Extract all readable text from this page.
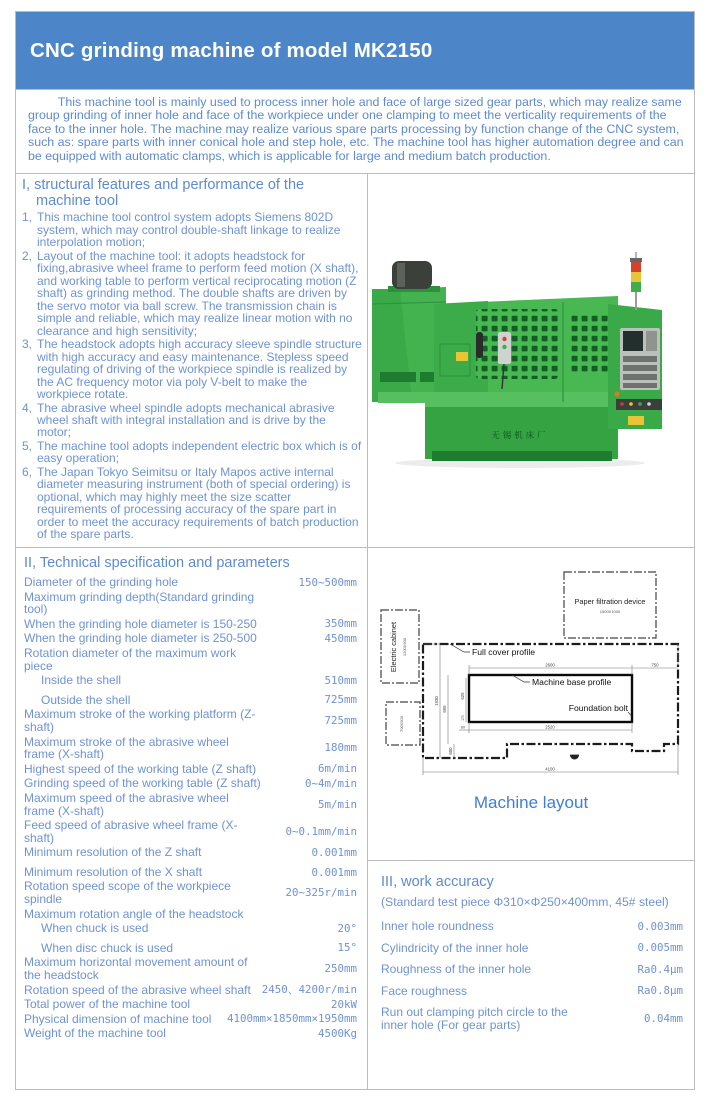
CNC grinding machine of model MK2150

This machine tool is mainly used to process inner hole and face of large sized gear parts, which may realize same group grinding of inner hole and face of the workpiece under one clamping to meet the verticality requirements of the face to the inner hole. The machine may realize various spare parts processing by function change of the CNC system, such as: spare parts with inner conical hole and step hole, etc. The machine tool has higher automation degree and can be equipped with automatic clamps, which is applicable for large and medium batch production.

I, structural features and performance of the machine tool
1, This machine tool control system adopts Siemens 802D system, which may control double-shaft linkage to realize interpolation motion;
2, Layout of the machine tool: it adopts headstock for fixing,abrasive wheel frame to perform feed motion (X shaft), and working table to perform vertical reciprocating motion (Z shaft) as grinding method. The double shafts are driven by the servo motor via ball screw. The transmission chain is simple and reliable, which may realize linear motion with no clearance and high sensitivity;
3, The headstock adopts high accuracy sleeve spindle structure with high accuracy and easy maintenance. Stepless speed regulating of driving of the workpiece spindle is realized by the AC frequency motor via poly V-belt to make the workpiece rotate.
4, The abrasive wheel spindle adopts mechanical abrasive wheel shaft with integral installation and is drive by the motor;
5, The machine tool adopts independent electric box which is of easy operation;
6, The Japan Tokyo Seimitsu or Italy Mapos active internal diameter measuring instrument (both of special ordering) is optional, which may highly meet the size scatter requirements of processing accuracy of the spare part in order to meet the accuracy requirements of batch production of the spare parts.
无锡机床厂
II, Technical specification and parameters
Diameter of the grinding hole	150~500mm
Maximum grinding depth(Standard grinding tool)
When the grinding hole diameter is 150-250	350mm
When the grinding hole diameter is 250-500	450mm
Rotation diameter of the maximum work piece
Inside the shell	510mm
Outside the shell	725mm
Maximum stroke of the working platform (Z-shaft)	725mm
Maximum stroke of the abrasive wheel frame (X-shaft)	180mm
Highest speed of the working table (Z shaft)	6m/min
Grinding speed of the working table (Z shaft)	0~4m/min
Maximum speed of the abrasive wheel frame (X-shaft)	5m/min
Feed speed of abrasive wheel frame (X-shaft)	0~0.1mm/min
Minimum resolution of the Z shaft	0.001mm
Minimum resolution of the X shaft	0.001mm
Rotation speed scope of the workpiece spindle	20~325r/min
Maximum rotation angle of the headstock
When chuck is used	20°
When disc chuck is used	15°
Maximum horizontal movement amount of the headstock	250mm
Rotation speed of the abrasive wheel shaft	2450、4200r/min
Total power of the machine tool	20kW
Physical dimension of machine tool	4100mm×1850mm×1950mm
Weight of the machine tool	4500Kg
Paper filtration device
1500X1000
Electric cabinet 1200X600
700X500
Full cover profile
Machine base profile
Foundation bolt
2600	750
2520
60
1930
695
625
170
600
4100
Machine layout
III, work accuracy
(Standard test piece Φ310×Φ250×400mm, 45# steel)
Inner hole roundness	0.003mm
Cylindricity of the inner hole	0.005mm
Roughness of the inner hole	Ra0.4μm
Face roughness	Ra0.8μm
Run out clamping pitch circle to the inner hole (For gear parts)	0.04mm
